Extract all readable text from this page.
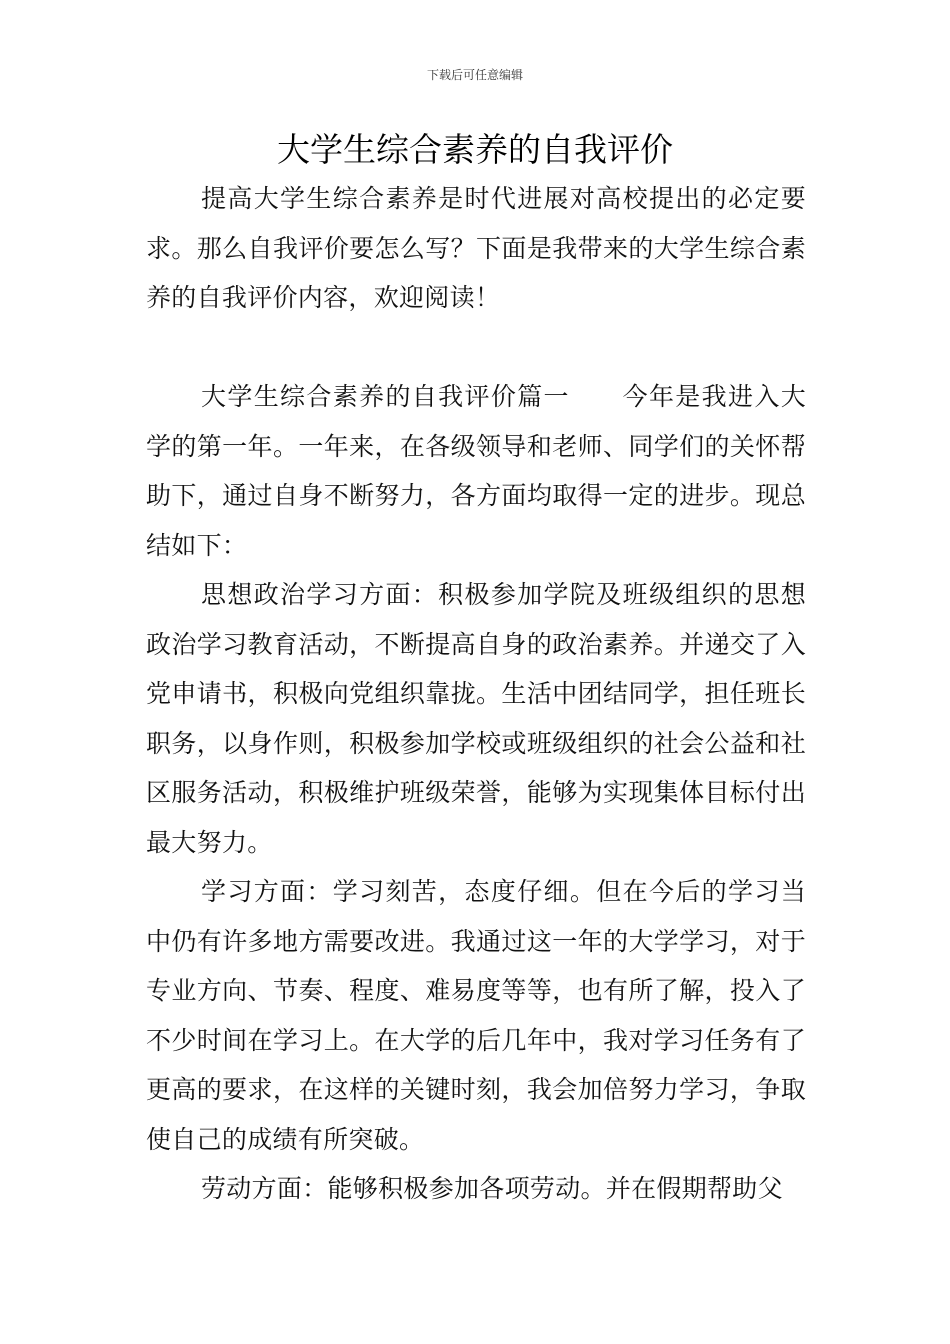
下载后可任意编辑
大学生综合素养的自我评价

提高大学生综合素养是时代进展对高校提出的必定要求。那么自我评价要怎么写？下面是我带来的大学生综合素养的自我评价内容，欢迎阅读！

大学生综合素养的自我评价篇一　　今年是我进入大学的第一年。一年来，在各级领导和老师、同学们的关怀帮助下，通过自身不断努力，各方面均取得一定的进步。现总结如下：

思想政治学习方面：积极参加学院及班级组织的思想政治学习教育活动，不断提高自身的政治素养。并递交了入党申请书，积极向党组织靠拢。生活中团结同学，担任班长职务，以身作则，积极参加学校或班级组织的社会公益和社区服务活动，积极维护班级荣誉，能够为实现集体目标付出最大努力。

学习方面：学习刻苦，态度仔细。但在今后的学习当中仍有许多地方需要改进。我通过这一年的大学学习，对于专业方向、节奏、程度、难易度等等，也有所了解，投入了不少时间在学习上。在大学的后几年中，我对学习任务有了更高的要求，在这样的关键时刻，我会加倍努力学习，争取使自己的成绩有所突破。

劳动方面：能够积极参加各项劳动。并在假期帮助父
